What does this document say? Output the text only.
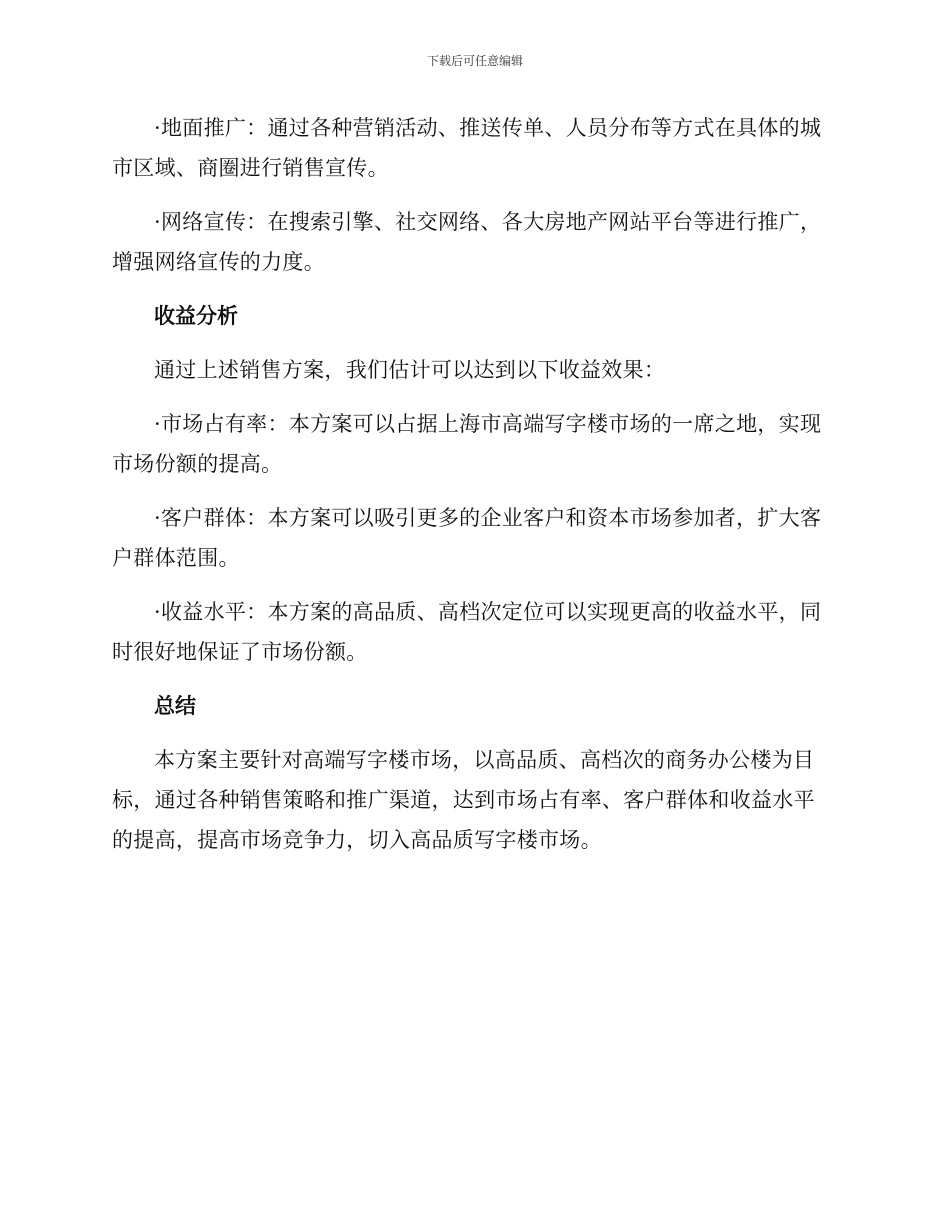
下载后可任意编辑

·地面推广：通过各种营销活动、推送传单、人员分布等方式在具体的城市区域、商圈进行销售宣传。

·网络宣传：在搜索引擎、社交网络、各大房地产网站平台等进行推广，增强网络宣传的力度。

收益分析

通过上述销售方案，我们估计可以达到以下收益效果：

·市场占有率：本方案可以占据上海市高端写字楼市场的一席之地，实现市场份额的提高。

·客户群体：本方案可以吸引更多的企业客户和资本市场参加者，扩大客户群体范围。

·收益水平：本方案的高品质、高档次定位可以实现更高的收益水平，同时很好地保证了市场份额。

总结

本方案主要针对高端写字楼市场，以高品质、高档次的商务办公楼为目标，通过各种销售策略和推广渠道，达到市场占有率、客户群体和收益水平的提高，提高市场竞争力，切入高品质写字楼市场。
